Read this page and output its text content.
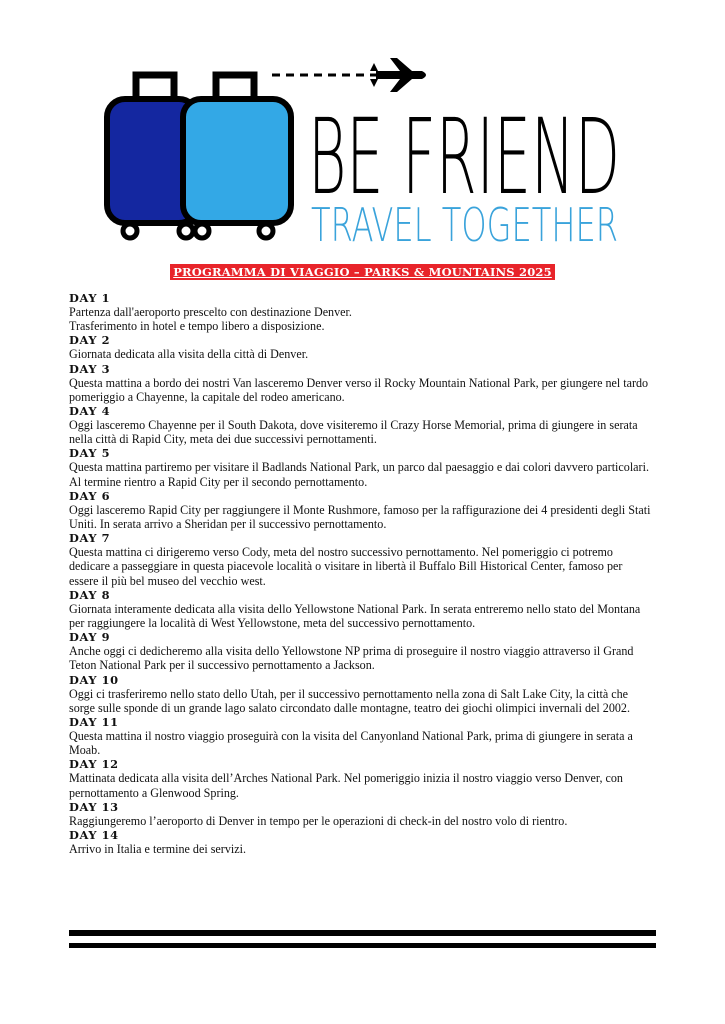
BE FRIEND
TRAVEL TOGETHER
PROGRAMMA DI VIAGGIO – PARKS & MOUNTAINS 2025
DAY 1
Partenza dall'aeroporto prescelto con destinazione Denver.
Trasferimento in hotel e tempo libero a disposizione.
DAY 2
Giornata dedicata alla visita della città di Denver.
DAY 3
Questa mattina a bordo dei nostri Van lasceremo Denver verso il Rocky Mountain National Park, per giungere nel tardo
pomeriggio a Chayenne, la capitale del rodeo americano.
DAY 4
Oggi lasceremo Chayenne per il South Dakota, dove visiteremo il Crazy Horse Memorial, prima di giungere in serata
nella città di Rapid City, meta dei due successivi pernottamenti.
DAY 5
Questa mattina partiremo per visitare il Badlands National Park, un parco dal paesaggio e dai colori davvero particolari.
Al termine rientro a Rapid City per il secondo pernottamento.
DAY 6
Oggi lasceremo Rapid City per raggiungere il Monte Rushmore, famoso per la raffigurazione dei 4 presidenti degli Stati
Uniti. In serata arrivo a Sheridan per il successivo pernottamento.
DAY 7
Questa mattina ci dirigeremo verso Cody, meta del nostro successivo pernottamento. Nel pomeriggio ci potremo
dedicare a passeggiare in questa piacevole località o visitare in libertà il Buffalo Bill Historical Center, famoso per
essere il più bel museo del vecchio west.
DAY 8
Giornata interamente dedicata alla visita dello Yellowstone National Park. In serata entreremo nello stato del Montana
per raggiungere la località di West Yellowstone, meta del successivo pernottamento.
DAY 9
Anche oggi ci dedicheremo alla visita dello Yellowstone NP prima di proseguire il nostro viaggio attraverso il Grand
Teton National Park per il successivo pernottamento a Jackson.
DAY 10
Oggi ci trasferiremo nello stato dello Utah, per il successivo pernottamento nella zona di Salt Lake City, la città che
sorge sulle sponde di un grande lago salato circondato dalle montagne, teatro dei giochi olimpici invernali del 2002.
DAY 11
Questa mattina il nostro viaggio proseguirà con la visita del Canyonland National Park, prima di giungere in serata a
Moab.
DAY 12
Mattinata dedicata alla visita dell’Arches National Park. Nel pomeriggio inizia il nostro viaggio verso Denver, con
pernottamento a Glenwood Spring.
DAY 13
Raggiungeremo l’aeroporto di Denver in tempo per le operazioni di check-in del nostro volo di rientro.
DAY 14
Arrivo in Italia e termine dei servizi.
